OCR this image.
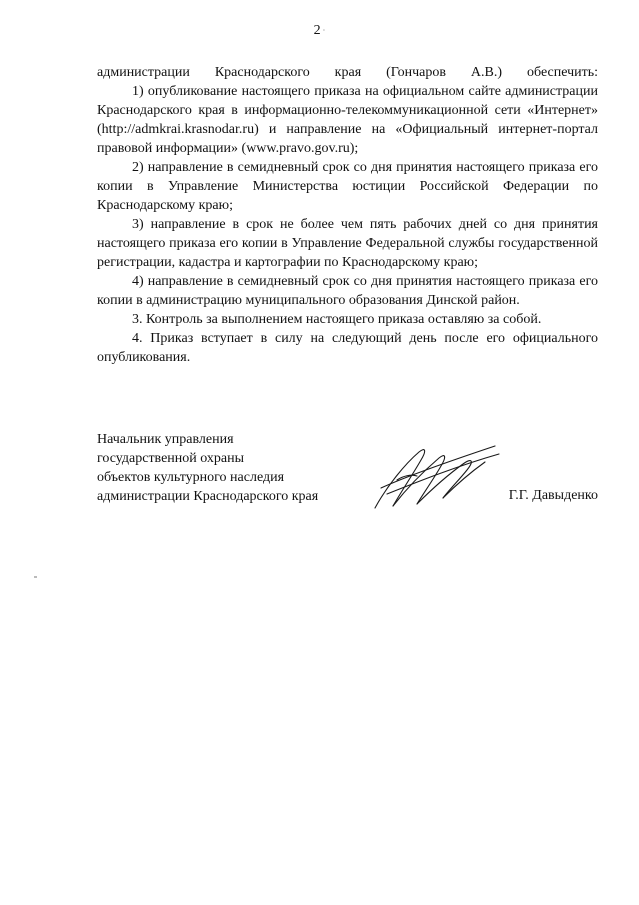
2 ·

администрации Краснодарского края (Гончаров А.В.) обеспечить:

1) опубликование настоящего приказа на официальном сайте администрации Краснодарского края в информационно-телекоммуникационной сети «Интернет» (http://admkrai.krasnodar.ru) и направление на «Официальный интернет-портал правовой информации» (www.pravo.gov.ru);

2) направление в семидневный срок со дня принятия настоящего приказа его копии в Управление Министерства юстиции Российской Федерации по Краснодарскому краю;

3) направление в срок не более чем пять рабочих дней со дня принятия настоящего приказа его копии в Управление Федеральной службы государственной регистрации, кадастра и картографии по Краснодарскому краю;

4) направление в семидневный срок со дня принятия настоящего приказа его копии в администрацию муниципального образования Динской район.

3. Контроль за выполнением настоящего приказа оставляю за собой.

4. Приказ вступает в силу на следующий день после его официального опубликования.

Начальник управления
государственной охраны
объектов культурного наследия
администрации Краснодарского края	Г.Г. Давыденко
